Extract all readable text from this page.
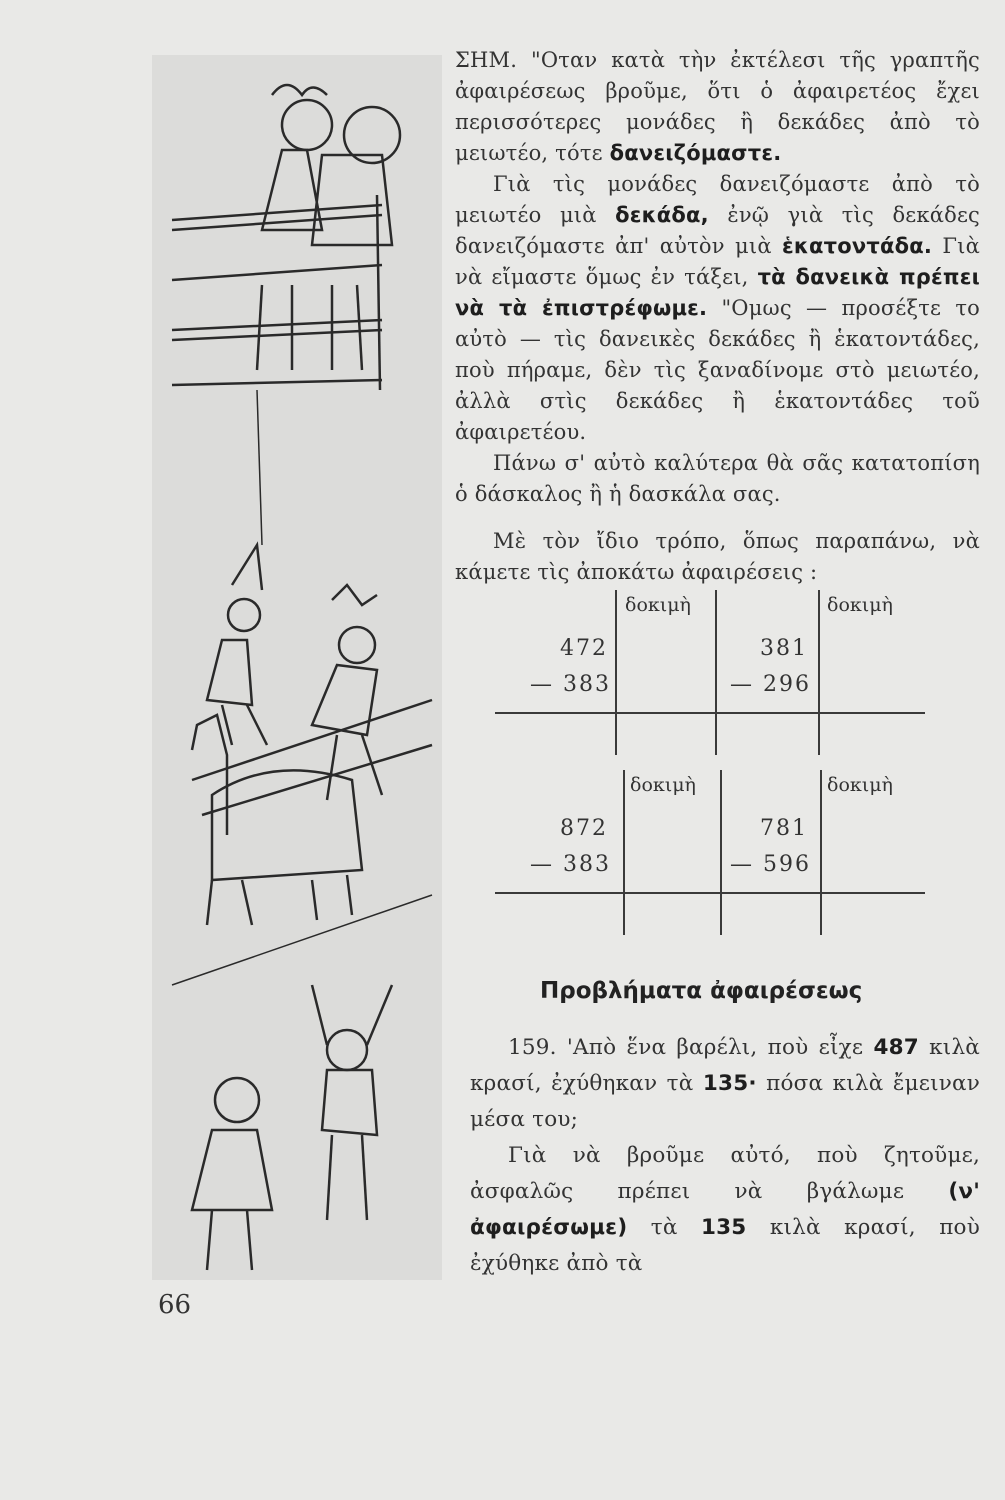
ΣΗΜ. "Οταν κατὰ τὴν ἐκτέλεσι τῆς γραπτῆς ἀφαιρέσεως βροῦμε, ὅτι ὁ ἀφαιρετέος ἔχει περισσότερες μονάδες ἢ δεκάδες ἀπὸ τὸ μειωτέο, τότε δανειζόμαστε.

Γιὰ τὶς μονάδες δανειζόμαστε ἀπὸ τὸ μειωτέο μιὰ δεκάδα, ἐνῷ γιὰ τὶς δεκάδες δανειζόμαστε ἀπ' αὐτὸν μιὰ ἑκατοντάδα. Γιὰ νὰ εἴμαστε ὅμως ἐν τάξει, τὰ δανεικὰ πρέπει νὰ τὰ ἐπιστρέφωμε. "Ομως — προσέξτε το αὐτὸ — τὶς δανεικὲς δεκάδες ἢ ἑκατοντάδες, ποὺ πήραμε, δὲν τὶς ξαναδίνομε στὸ μειωτέο, ἀλλὰ στὶς δεκάδες ἢ ἑκατοντάδες τοῦ ἀφαιρετέου.

Πάνω σ' αὐτὸ καλύτερα θὰ σᾶς κατατοπίση ὁ δάσκαλος ἢ ἡ δασκάλα σας.

Μὲ τὸν ἴδιο τρόπο, ὅπως παραπάνω, νὰ κάμετε τὶς ἀποκάτω ἀφαιρέσεις :

δοκιμὴ	δοκιμὴ
472
— 383
381
— 296
δοκιμὴ	δοκιμὴ
872
— 383
781
— 596
Προβλήματα ἀφαιρέσεως

159. 'Απὸ ἕνα βαρέλι, ποὺ εἶχε 487 κιλὰ κρασί, ἐχύθηκαν τὰ 135· πόσα κιλὰ ἔμειναν μέσα του;

Γιὰ νὰ βροῦμε αὐτό, ποὺ ζητοῦμε, ἀσφαλῶς πρέπει νὰ βγάλωμε (ν' ἀφαιρέσωμε) τὰ 135 κιλὰ κρασί, ποὺ ἐχύθηκε ἀπὸ τὰ

66
